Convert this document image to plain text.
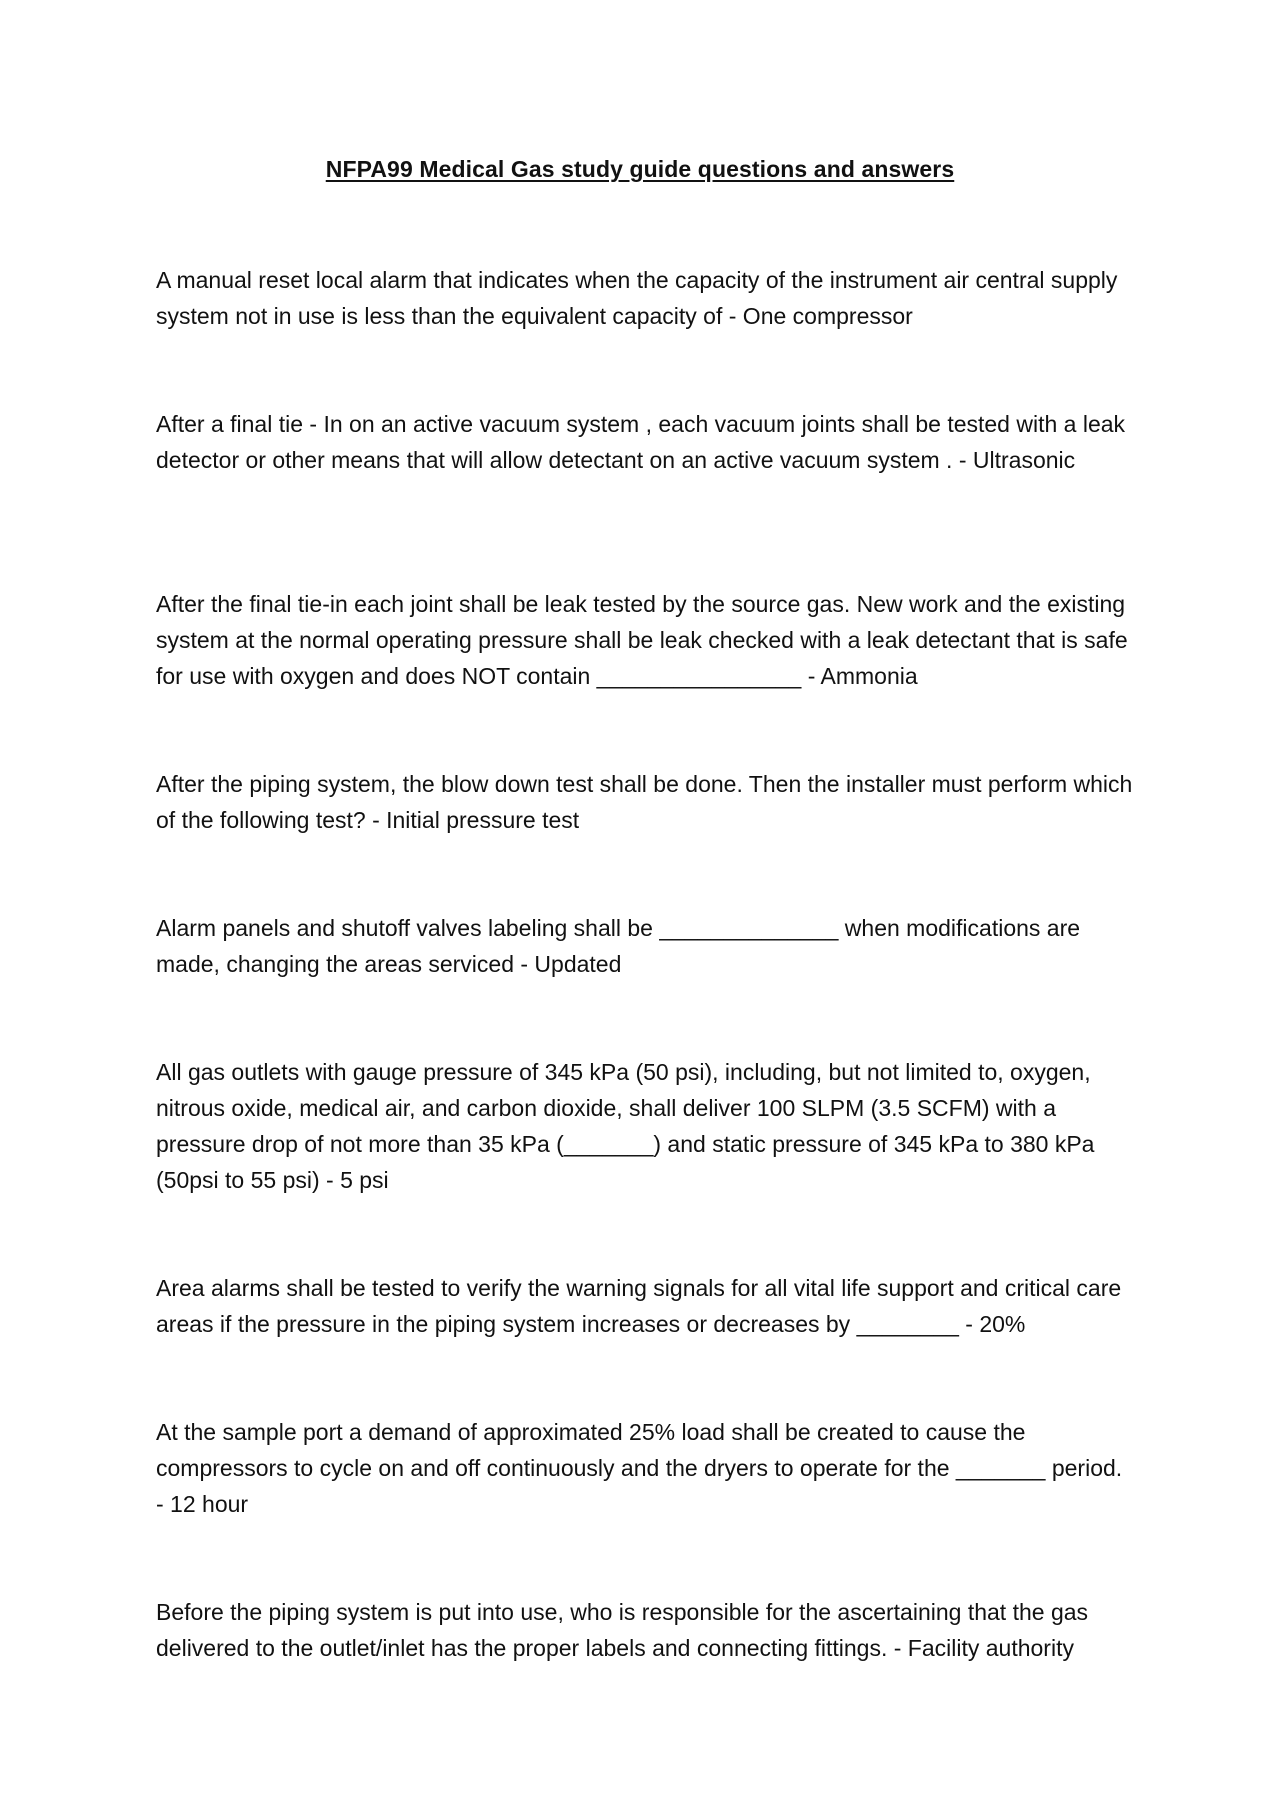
NFPA99 Medical Gas study guide questions and answers

A manual reset local alarm that indicates when the capacity of the instrument air central supply system not in use is less than the equivalent capacity of - One compressor

After a final tie - In on an active vacuum system , each vacuum joints shall be tested with a leak detector or other means that will allow detectant on an active vacuum system . - Ultrasonic

After the final tie-in each joint shall be leak tested by the source gas. New work and the existing system at the normal operating pressure shall be leak checked with a leak detectant that is safe for use with oxygen and does NOT contain ________________ - Ammonia

After the piping system, the blow down test shall be done. Then the installer must perform which of the following test? - Initial pressure test

Alarm panels and shutoff valves labeling shall be ______________ when modifications are made, changing the areas serviced - Updated

All gas outlets with gauge pressure of 345 kPa (50 psi), including, but not limited to, oxygen, nitrous oxide, medical air, and carbon dioxide, shall deliver 100 SLPM (3.5 SCFM) with a pressure drop of not more than 35 kPa (_______) and static pressure of 345 kPa to 380 kPa (50psi to 55 psi) - 5 psi

Area alarms shall be tested to verify the warning signals for all vital life support and critical care areas if the pressure in the piping system increases or decreases by ________ - 20%

At the sample port a demand of approximated 25% load shall be created to cause the compressors to cycle on and off continuously and the dryers to operate for the _______ period. - 12 hour

Before the piping system is put into use, who is responsible for the ascertaining that the gas delivered to the outlet/inlet has the proper labels and connecting fittings. - Facility authority
